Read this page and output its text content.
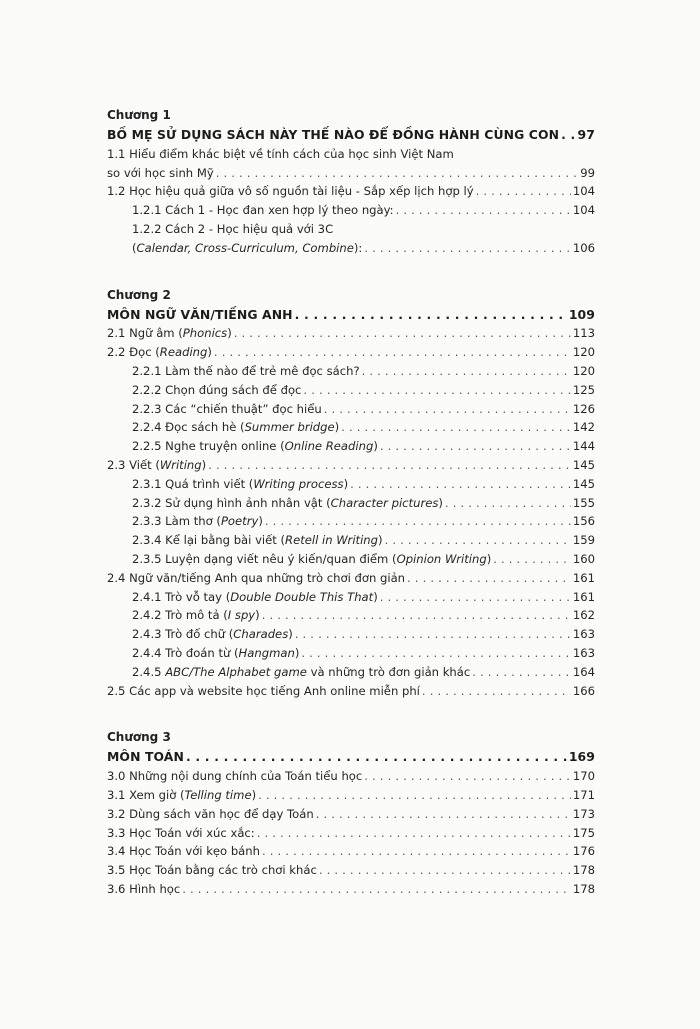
Chương 1
BỐ MẸ SỬ DỤNG SÁCH NÀY THẾ NÀO ĐỂ ĐỒNG HÀNH CÙNG CON . . . 97
1.1 Hiểu điểm khác biệt về tính cách của học sinh Việt Nam
so với học sinh Mỹ . . .	99
1.2 Học hiệu quả giữa vô số nguồn tài liệu - Sắp xếp lịch hợp lý . . .	104
1.2.1 Cách 1 - Học đan xen hợp lý theo ngày: . . .	104
1.2.2 Cách 2 - Học hiệu quả với 3C
(Calendar, Cross-Curriculum, Combine): . . .	106
Chương 2
MÔN NGỮ VĂN/TIẾNG ANH . . .	109
2.1 Ngữ âm (Phonics) . . .	113
2.2 Đọc (Reading) . . .	120
2.2.1 Làm thế nào để trẻ mê đọc sách? . . .	120
2.2.2 Chọn đúng sách để đọc . . .	125
2.2.3 Các “chiến thuật” đọc hiểu . . .	126
2.2.4 Đọc sách hè (Summer bridge) . . .	142
2.2.5 Nghe truyện online (Online Reading) . . .	144
2.3 Viết (Writing) . . .	145
2.3.1 Quá trình viết (Writing process) . . .	145
2.3.2 Sử dụng hình ảnh nhân vật (Character pictures) . . .	155
2.3.3 Làm thơ (Poetry) . . .	156
2.3.4 Kể lại bằng bài viết (Retell in Writing) . . .	159
2.3.5 Luyện dạng viết nêu ý kiến/quan điểm (Opinion Writing) . . .	160
2.4 Ngữ văn/tiếng Anh qua những trò chơi đơn giản . . .	161
2.4.1 Trò vỗ tay (Double Double This That) . . .	161
2.4.2 Trò mô tả (I spy) . . .	162
2.4.3 Trò đố chữ (Charades) . . .	163
2.4.4 Trò đoán từ (Hangman) . . .	163
2.4.5 ABC/The Alphabet game và những trò đơn giản khác . . .	164
2.5 Các app và website học tiếng Anh online miễn phí . . .	166
Chương 3
MÔN TOÁN . . .	169
3.0 Những nội dung chính của Toán tiểu học . . .	170
3.1 Xem giờ (Telling time) . . .	171
3.2 Dùng sách văn học để dạy Toán . . .	173
3.3 Học Toán với xúc xắc: . . .	175
3.4 Học Toán với kẹo bánh . . .	176
3.5 Học Toán bằng các trò chơi khác . . .	178
3.6 Hình học . . .	178
